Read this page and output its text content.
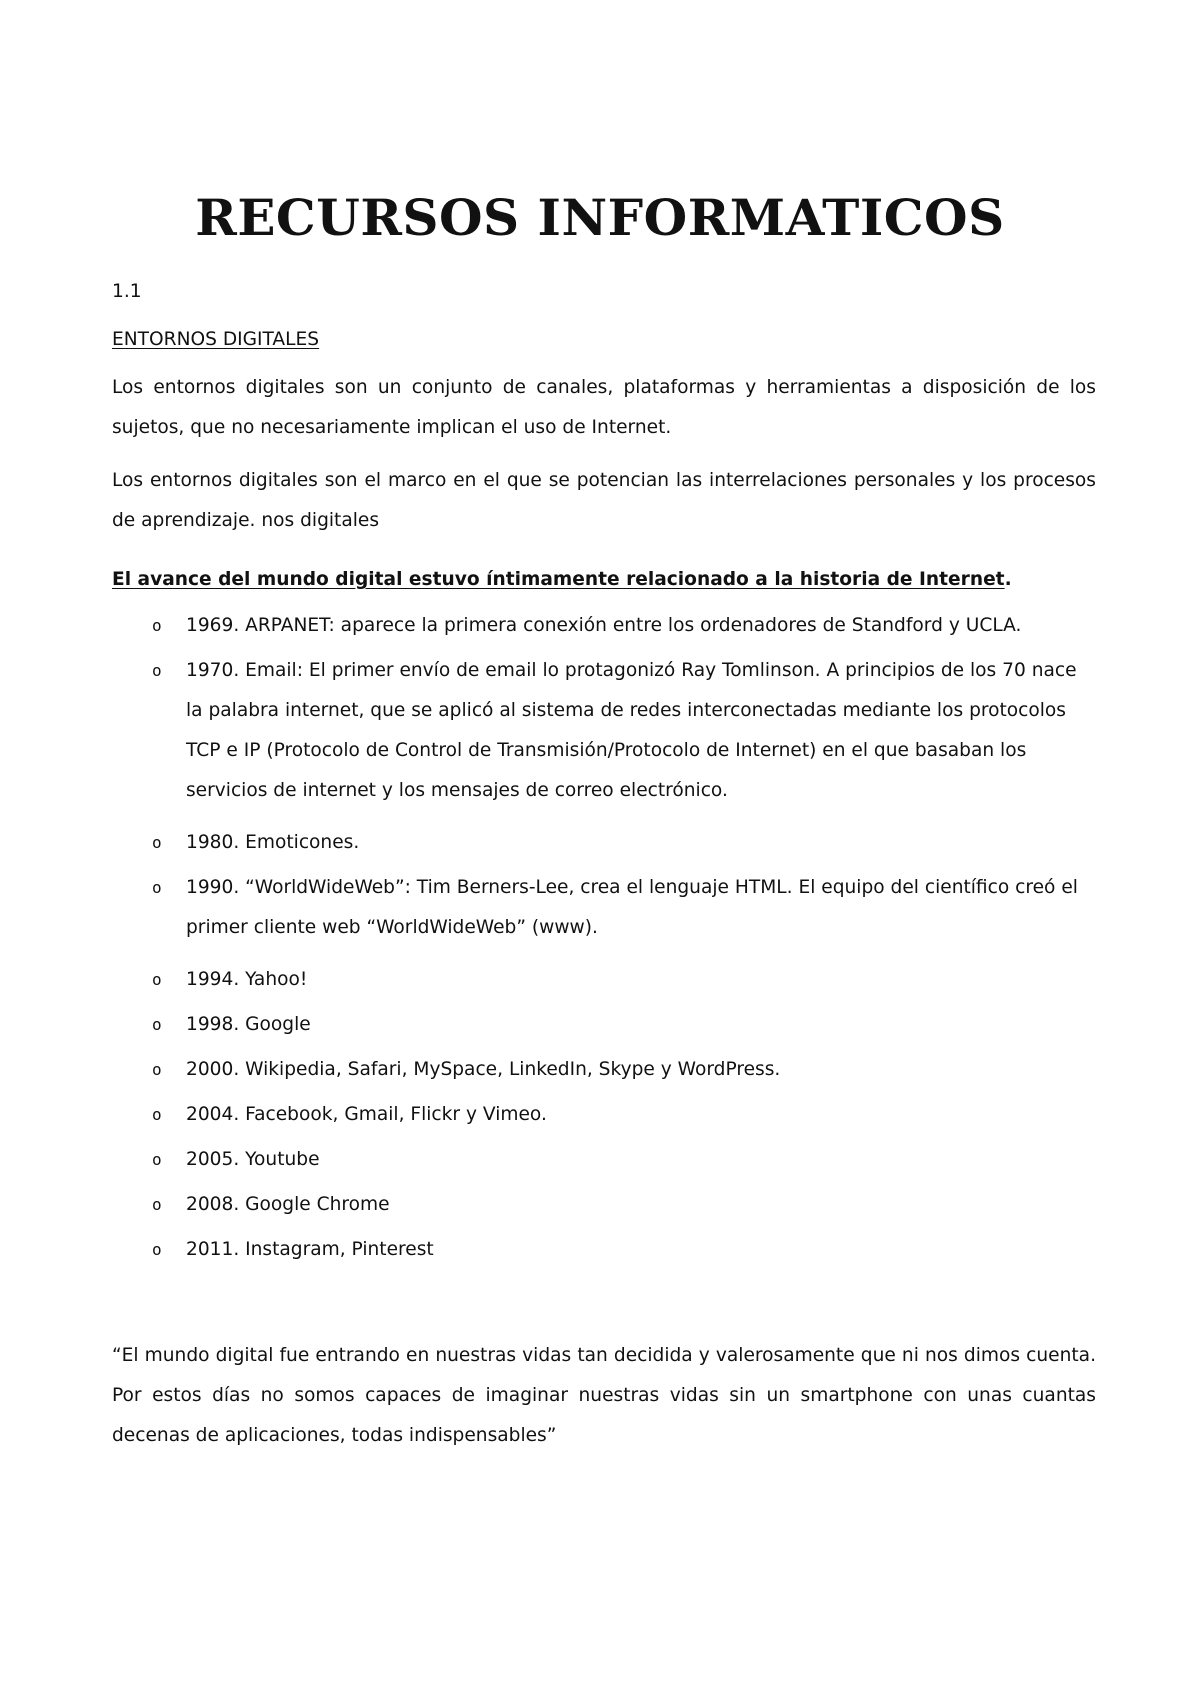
RECURSOS INFORMATICOS
1.1
ENTORNOS DIGITALES

Los entornos digitales son un conjunto de canales, plataformas y herramientas a disposición de los sujetos, que no necesariamente implican el uso de Internet.

Los entornos digitales son el marco en el que se potencian las interrelaciones personales y los procesos de aprendizaje. nos digitales

El avance del mundo digital estuvo íntimamente relacionado a la historia de Internet.
o 1969. ARPANET: aparece la primera conexión entre los ordenadores de Standford y UCLA.
o 1970. Email: El primer envío de email lo protagonizó Ray Tomlinson. A principios de los 70 nace la palabra internet, que se aplicó al sistema de redes interconectadas mediante los protocolos TCP e IP (Protocolo de Control de Transmisión/Protocolo de Internet) en el que basaban los servicios de internet y los mensajes de correo electrónico.
o 1980. Emoticones.
o 1990. “WorldWideWeb”: Tim Berners-Lee, crea el lenguaje HTML. El equipo del científico creó el primer cliente web “WorldWideWeb” (www).
o 1994. Yahoo!
o 1998. Google
o 2000. Wikipedia, Safari, MySpace, LinkedIn, Skype y WordPress.
o 2004. Facebook, Gmail, Flickr y Vimeo.
o 2005. Youtube
o 2008. Google Chrome
o 2011. Instagram, Pinterest

“El mundo digital fue entrando en nuestras vidas tan decidida y valerosamente que ni nos dimos cuenta. Por estos días no somos capaces de imaginar nuestras vidas sin un smartphone con unas cuantas decenas de aplicaciones, todas indispensables”
